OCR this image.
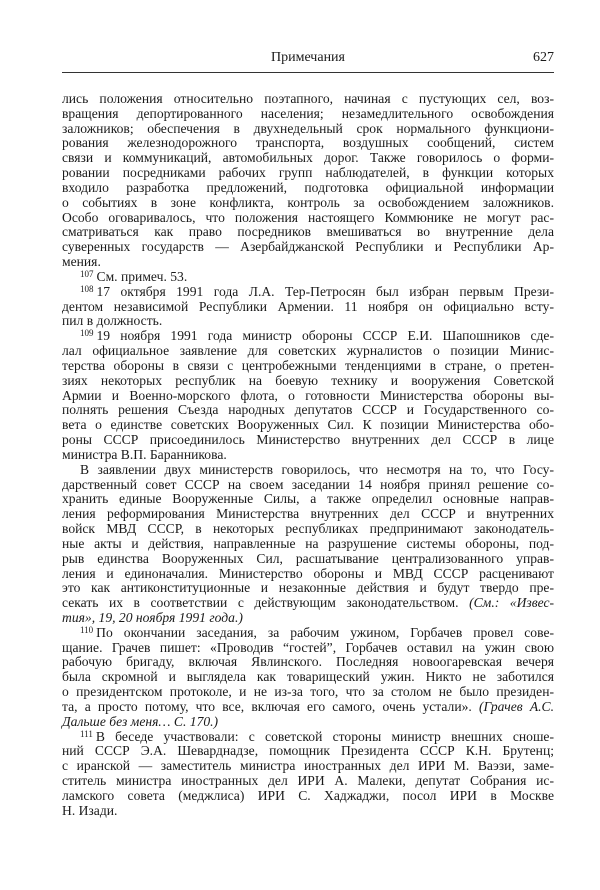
Примечания	627
лись положения относительно поэтапного, начиная с пустующих сел, воз-
вращения депортированного населения; незамедлительного освобождения
заложников; обеспечения в двухнедельный срок нормального функциони-
рования железнодорожного транспорта, воздушных сообщений, систем
связи и коммуникаций, автомобильных дорог. Также говорилось о форми-
ровании посредниками рабочих групп наблюдателей, в функции которых
входило разработка предложений, подготовка официальной информации
о событиях в зоне конфликта, контроль за освобождением заложников.
Особо оговаривалось, что положения настоящего Коммюнике не могут рас-
сматриваться как право посредников вмешиваться во внутренние дела
суверенных государств — Азербайджанской Республики и Республики Ар-
мения.
$^{107}$ См. примеч. 53.
$^{108}$ 17 октября 1991 года Л.А. Тер-Петросян был избран первым Прези-
дентом независимой Республики Армении. 11 ноября он официально всту-
пил в должность.
$^{109}$ 19 ноября 1991 года министр обороны СССР Е.И. Шапошников сде-
лал официальное заявление для советских журналистов о позиции Минис-
терства обороны в связи с центробежными тенденциями в стране, о претен-
зиях некоторых республик на боевую технику и вооружения Советской
Армии и Военно-морского флота, о готовности Министерства обороны вы-
полнять решения Съезда народных депутатов СССР и Государственного со-
вета о единстве советских Вооруженных Сил. К позиции Министерства обо-
роны СССР присоединилось Министерство внутренних дел СССР в лице
министра В.П. Баранникова.
В заявлении двух министерств говорилось, что несмотря на то, что Госу-
дарственный совет СССР на своем заседании 14 ноября принял решение со-
хранить единые Вооруженные Силы, а также определил основные направ-
ления реформирования Министерства внутренних дел СССР и внутренних
войск МВД СССР, в некоторых республиках предпринимают законодатель-
ные акты и действия, направленные на разрушение системы обороны, под-
рыв единства Вооруженных Сил, расшатывание централизованного управ-
ления и единоначалия. Министерство обороны и МВД СССР расценивают
это как антиконституционные и незаконные действия и будут твердо пре-
секать их в соответствии с действующим законодательством. (См.: «Извес-
тия», 19, 20 ноября 1991 года.)
$^{110}$ По окончании заседания, за рабочим ужином, Горбачев провел сове-
щание. Грачев пишет: «Проводив “гостей”, Горбачев оставил на ужин свою
рабочую бригаду, включая Явлинского. Последняя новоогаревская вечеря
была скромной и выглядела как товарищеский ужин. Никто не заботился
о президентском протоколе, и не из-за того, что за столом не было президен-
та, а просто потому, что все, включая его самого, очень устали». (Грачев А.С.
Дальше без меня… С. 170.)
$^{111}$ В беседе участвовали: с советской стороны министр внешних сноше-
ний СССР Э.А. Шеварднадзе, помощник Президента СССР К.Н. Брутенц;
с иранской — заместитель министра иностранных дел ИРИ М. Ваэзи, заме-
ститель министра иностранных дел ИРИ А. Малеки, депутат Собрания ис-
ламского совета (меджлиса) ИРИ С. Хаджаджи, посол ИРИ в Москве
Н. Изади.
